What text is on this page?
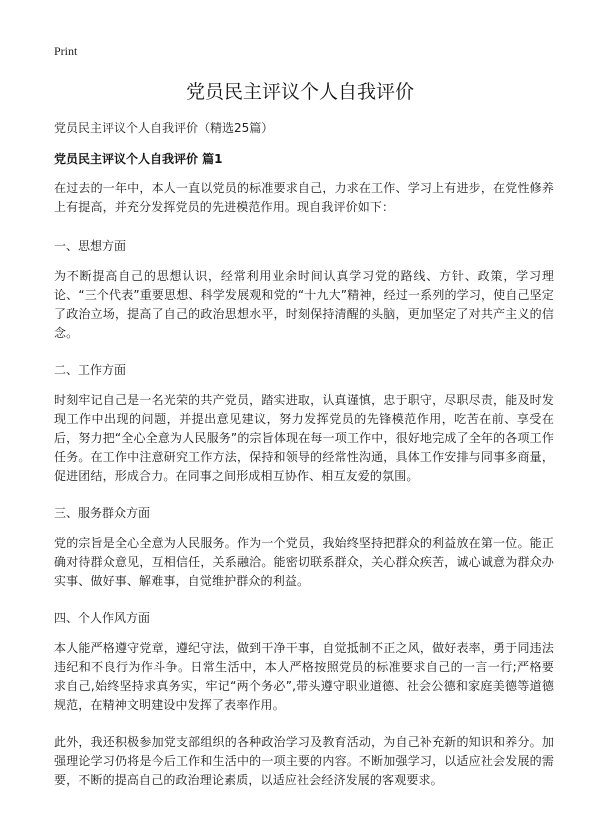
Print
党员民主评议个人自我评价
党员民主评议个人自我评价（精选25篇）
党员民主评议个人自我评价 篇1

在过去的一年中，本人一直以党员的标准要求自己，力求在工作、学习上有进步，在党性修养上有提高，并充分发挥党员的先进模范作用。现自我评价如下：

一、思想方面

为不断提高自己的思想认识，经常利用业余时间认真学习党的路线、方针、政策，学习理论、“三个代表”重要思想、科学发展观和党的“十九大”精神，经过一系列的学习，使自己坚定了政治立场，提高了自己的政治思想水平，时刻保持清醒的头脑，更加坚定了对共产主义的信念。

二、工作方面

时刻牢记自己是一名光荣的共产党员，踏实进取，认真谨慎，忠于职守，尽职尽责，能及时发现工作中出现的问题，并提出意见建议，努力发挥党员的先锋模范作用，吃苦在前、享受在后，努力把“全心全意为人民服务”的宗旨体现在每一项工作中，很好地完成了全年的各项工作任务。在工作中注意研究工作方法，保持和领导的经常性沟通，具体工作安排与同事多商量，促进团结，形成合力。在同事之间形成相互协作、相互友爱的氛围。

三、服务群众方面

党的宗旨是全心全意为人民服务。作为一个党员，我始终坚持把群众的利益放在第一位。能正确对待群众意见，互相信任，关系融洽。能密切联系群众，关心群众疾苦，诚心诚意为群众办实事、做好事、解难事，自觉维护群众的利益。

四、个人作风方面

本人能严格遵守党章，遵纪守法，做到干净干事，自觉抵制不正之风，做好表率，勇于同违法违纪和不良行为作斗争。日常生活中，本人严格按照党员的标准要求自己的一言一行;严格要求自己,始终坚持求真务实，牢记“两个务必”,带头遵守职业道德、社会公德和家庭美德等道德规范，在精神文明建设中发挥了表率作用。

此外，我还积极参加党支部组织的各种政治学习及教育活动，为自己补充新的知识和养分。加强理论学习仍将是今后工作和生活中的一项主要的内容。不断加强学习，以适应社会发展的需要，不断的提高自己的政治理论素质，以适应社会经济发展的客观要求。
